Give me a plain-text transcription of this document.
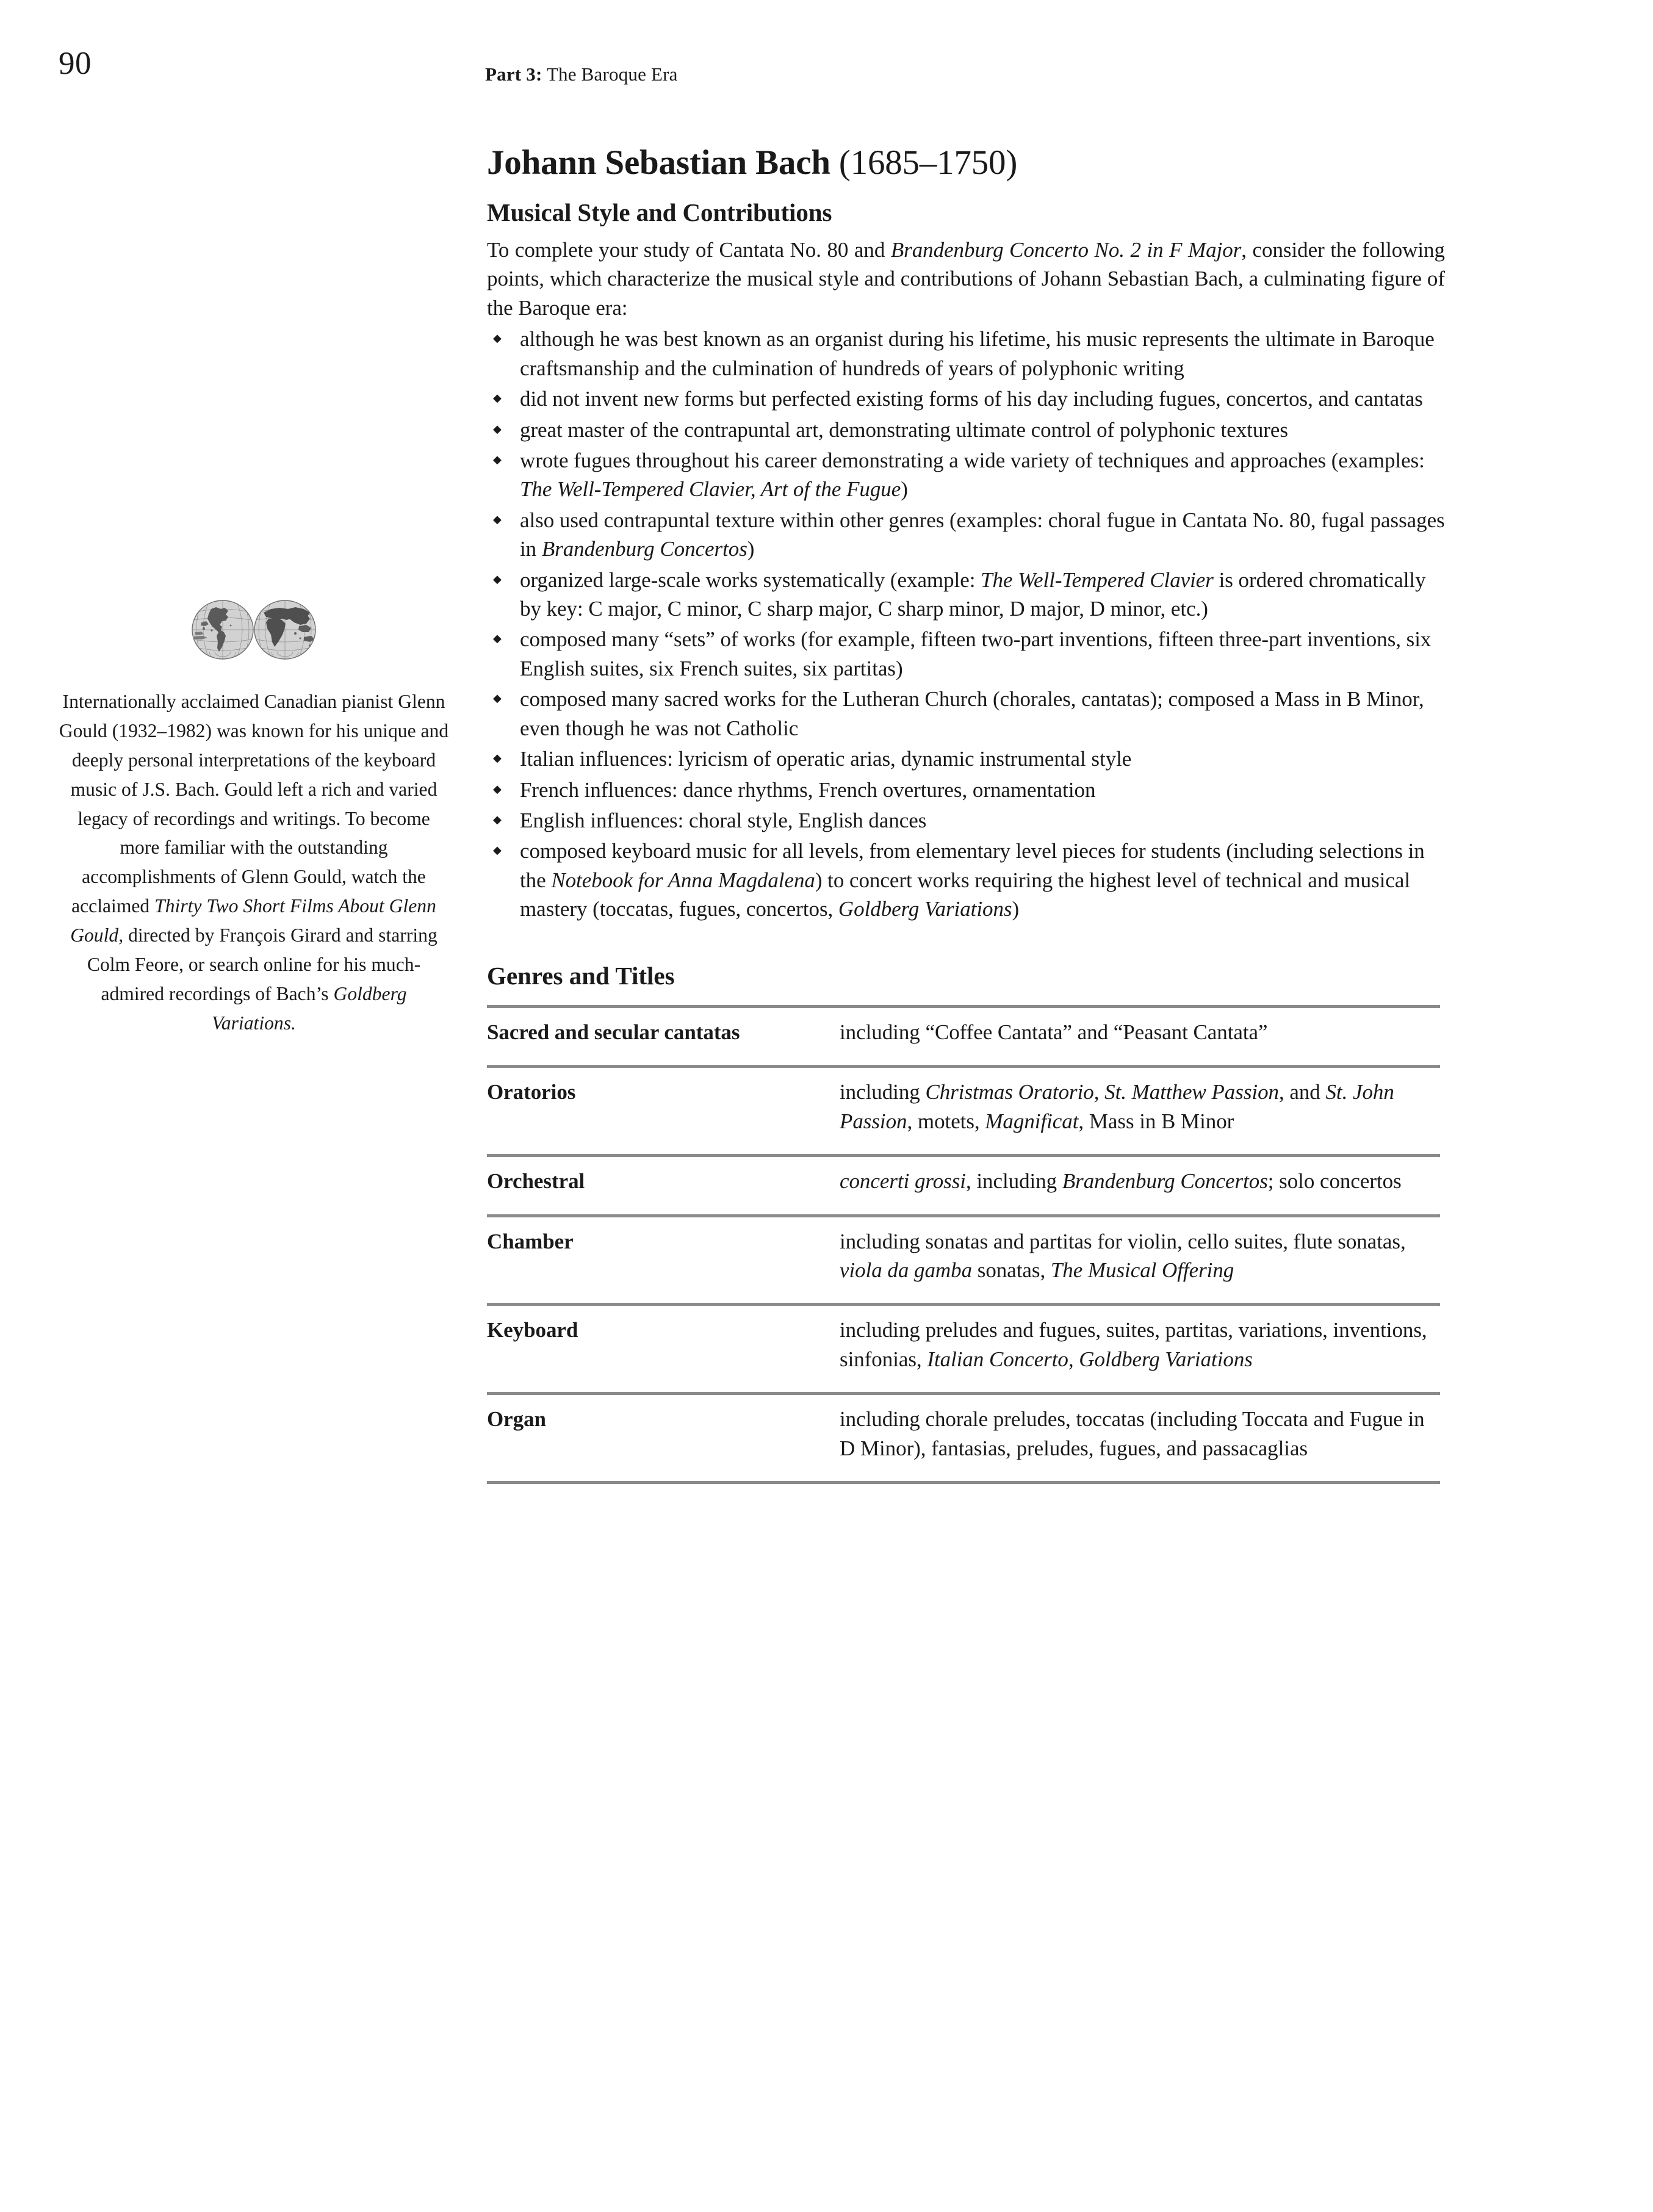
90	Part 3: The Baroque Era

Internationally acclaimed Canadian pianist Glenn Gould (1932–1982) was known for his unique and deeply personal interpretations of the keyboard music of J.S. Bach. Gould left a rich and varied legacy of recordings and writings. To become more familiar with the outstanding accomplishments of Glenn Gould, watch the acclaimed Thirty Two Short Films About Glenn Gould, directed by François Girard and starring Colm Feore, or search online for his much-admired recordings of Bach’s Goldberg Variations.

Johann Sebastian Bach (1685–1750)
Musical Style and Contributions

To complete your study of Cantata No. 80 and Brandenburg Concerto No. 2 in F Major, consider the following points, which characterize the musical style and contributions of Johann Sebastian Bach, a culminating figure of the Baroque era:

◆ although he was best known as an organist during his lifetime, his music represents the ultimate in Baroque craftsmanship and the culmination of hundreds of years of polyphonic writing
◆ did not invent new forms but perfected existing forms of his day including fugues, concertos, and cantatas
◆ great master of the contrapuntal art, demonstrating ultimate control of polyphonic textures
◆ wrote fugues throughout his career demonstrating a wide variety of techniques and approaches (examples: The Well-Tempered Clavier, Art of the Fugue)
◆ also used contrapuntal texture within other genres (examples: choral fugue in Cantata No. 80, fugal passages in Brandenburg Concertos)
◆ organized large-scale works systematically (example: The Well-Tempered Clavier is ordered chromatically by key: C major, C minor, C sharp major, C sharp minor, D major, D minor, etc.)
◆ composed many “sets” of works (for example, fifteen two-part inventions, fifteen three-part inventions, six English suites, six French suites, six partitas)
◆ composed many sacred works for the Lutheran Church (chorales, cantatas); composed a Mass in B Minor, even though he was not Catholic
◆ Italian influences: lyricism of operatic arias, dynamic instrumental style
◆ French influences: dance rhythms, French overtures, ornamentation
◆ English influences: choral style, English dances
◆ composed keyboard music for all levels, from elementary level pieces for students (including selections in the Notebook for Anna Magdalena) to concert works requiring the highest level of technical and musical mastery (toccatas, fugues, concertos, Goldberg Variations)
Genres and Titles
Sacred and secular cantatas	including “Coffee Cantata” and “Peasant Cantata”
Oratorios	including Christmas Oratorio, St. Matthew Passion, and St. John Passion, motets, Magnificat, Mass in B Minor
Orchestral	concerti grossi, including Brandenburg Concertos; solo concertos
Chamber	including sonatas and partitas for violin, cello suites, flute sonatas, viola da gamba sonatas, The Musical Offering
Keyboard	including preludes and fugues, suites, partitas, variations, inventions, sinfonias, Italian Concerto, Goldberg Variations
Organ	including chorale preludes, toccatas (including Toccata and Fugue in D Minor), fantasias, preludes, fugues, and passacaglias
